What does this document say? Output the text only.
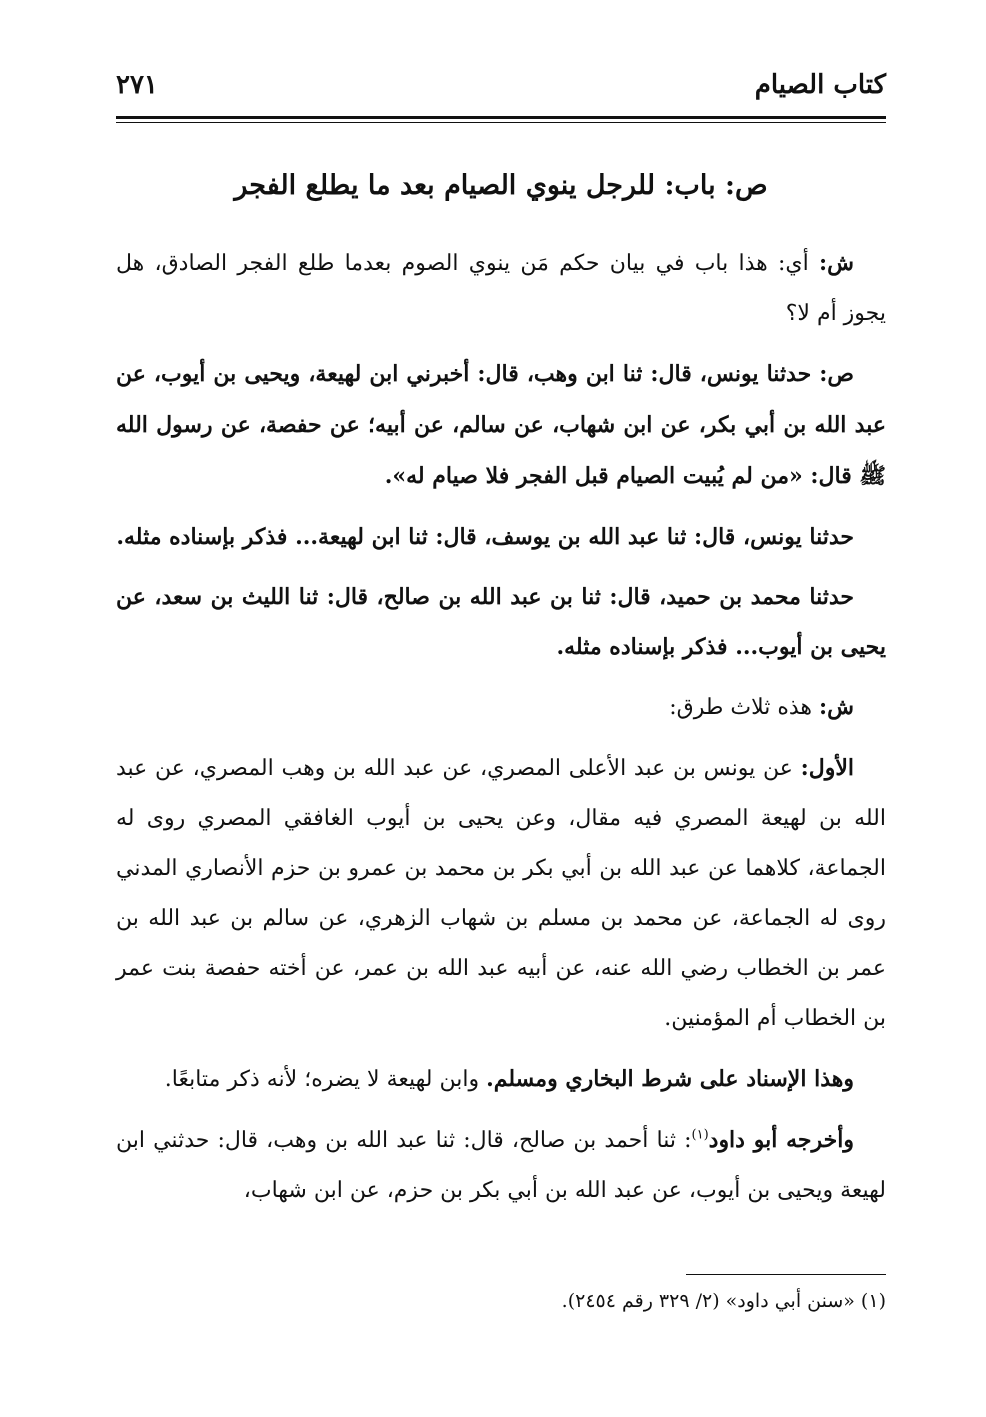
كتاب الصيام
٢٧١
ص: باب: للرجل ينوي الصيام بعد ما يطلع الفجر

ش: أي: هذا باب في بيان حكم مَن ينوي الصوم بعدما طلع الفجر الصادق، هل يجوز أم لا؟

ص: حدثنا يونس، قال: ثنا ابن وهب، قال: أخبرني ابن لهيعة، ويحيى بن أيوب، عن عبد الله بن أبي بكر، عن ابن شهاب، عن سالم، عن أبيه؛ عن حفصة، عن رسول الله ﷺ قال: «من لم يُبيت الصيام قبل الفجر فلا صيام له».

حدثنا يونس، قال: ثنا عبد الله بن يوسف، قال: ثنا ابن لهيعة... فذكر بإسناده مثله.

حدثنا محمد بن حميد، قال: ثنا بن عبد الله بن صالح، قال: ثنا الليث بن سعد، عن يحيى بن أيوب... فذكر بإسناده مثله.

ش: هذه ثلاث طرق:

الأول: عن يونس بن عبد الأعلى المصري، عن عبد الله بن وهب المصري، عن عبد الله بن لهيعة المصري فيه مقال، وعن يحيى بن أيوب الغافقي المصري روى له الجماعة، كلاهما عن عبد الله بن أبي بكر بن محمد بن عمرو بن حزم الأنصاري المدني روى له الجماعة، عن محمد بن مسلم بن شهاب الزهري، عن سالم بن عبد الله بن عمر بن الخطاب رضي الله عنه، عن أبيه عبد الله بن عمر، عن أخته حفصة بنت عمر بن الخطاب أم المؤمنين.

وهذا الإسناد على شرط البخاري ومسلم. وابن لهيعة لا يضره؛ لأنه ذكر متابعًا.

وأخرجه أبو داود$^{(١)}$: ثنا أحمد بن صالح، قال: ثنا عبد الله بن وهب، قال: حدثني ابن لهيعة ويحيى بن أيوب، عن عبد الله بن أبي بكر بن حزم، عن ابن شهاب،

(١) «سنن أبي داود» (٢/ ٣٢٩ رقم ٢٤٥٤).
